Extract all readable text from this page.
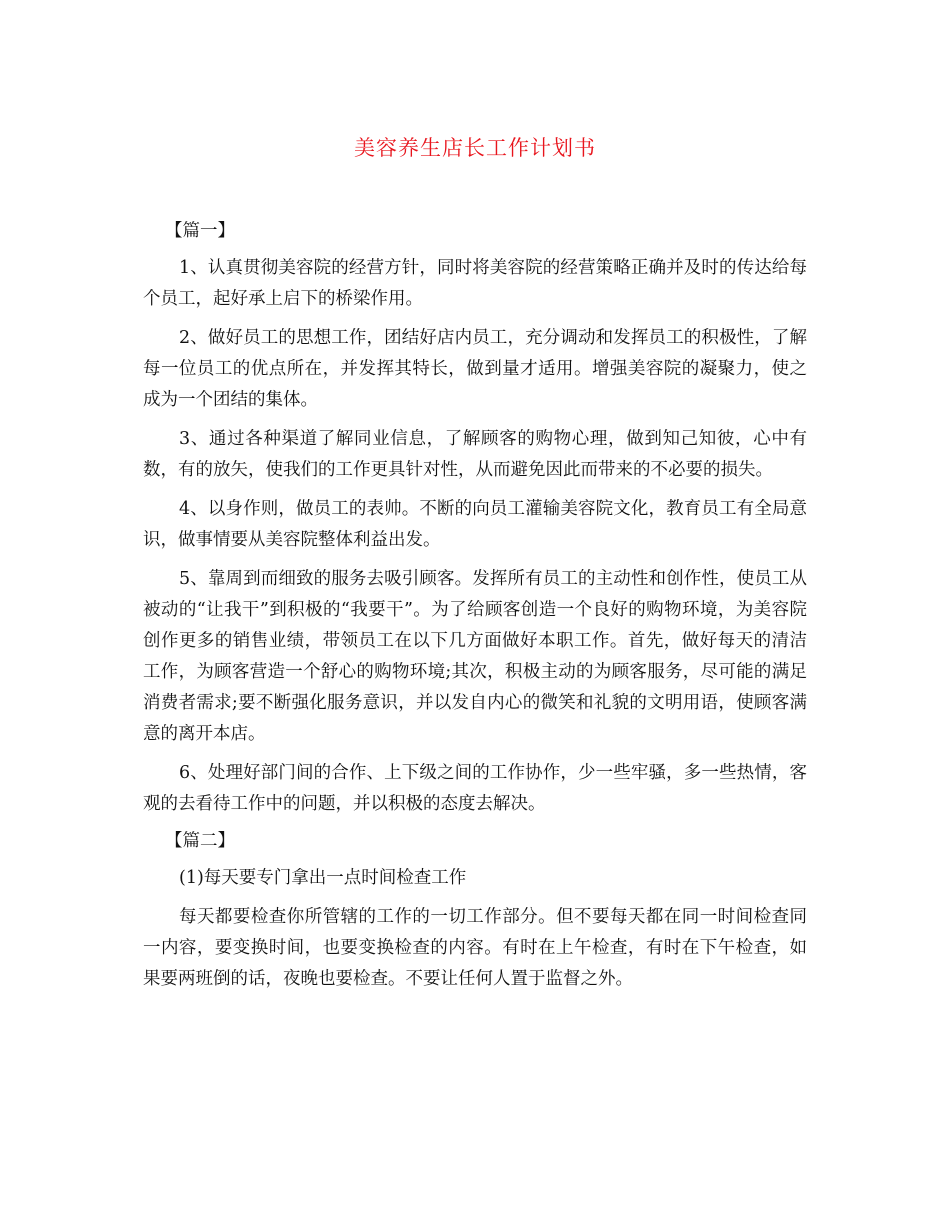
美容养生店长工作计划书

【篇一】

1、认真贯彻美容院的经营方针，同时将美容院的经营策略正确并及时的传达给每个员工，起好承上启下的桥梁作用。

2、做好员工的思想工作，团结好店内员工，充分调动和发挥员工的积极性，了解每一位员工的优点所在，并发挥其特长，做到量才适用。增强美容院的凝聚力，使之成为一个团结的集体。

3、通过各种渠道了解同业信息，了解顾客的购物心理，做到知己知彼，心中有数，有的放矢，使我们的工作更具针对性，从而避免因此而带来的不必要的损失。

4、以身作则，做员工的表帅。不断的向员工灌输美容院文化，教育员工有全局意识，做事情要从美容院整体利益出发。

5、靠周到而细致的服务去吸引顾客。发挥所有员工的主动性和创作性，使员工从被动的“让我干”到积极的“我要干”。为了给顾客创造一个良好的购物环境，为美容院创作更多的销售业绩，带领员工在以下几方面做好本职工作。首先，做好每天的清洁工作，为顾客营造一个舒心的购物环境;其次，积极主动的为顾客服务，尽可能的满足消费者需求;要不断强化服务意识，并以发自内心的微笑和礼貌的文明用语，使顾客满意的离开本店。

6、处理好部门间的合作、上下级之间的工作协作，少一些牢骚，多一些热情，客观的去看待工作中的问题，并以积极的态度去解决。

【篇二】

(1)每天要专门拿出一点时间检查工作

每天都要检查你所管辖的工作的一切工作部分。但不要每天都在同一时间检查同一内容，要变换时间，也要变换检查的内容。有时在上午检查，有时在下午检查，如果要两班倒的话，夜晚也要检查。不要让任何人置于监督之外。
